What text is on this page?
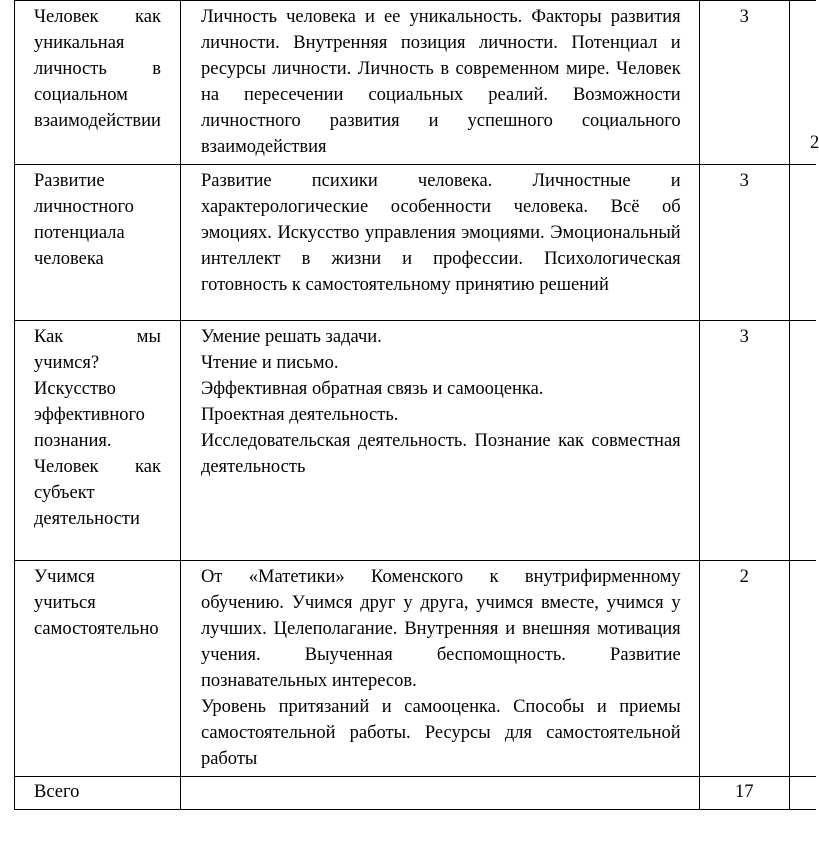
Человек как уникальная личность в социальном взаимодействии	Личность человека и ее уникальность. Факторы развития личности. Внутренняя позиция личности. Потенциал и ресурсы личности. Личность в современном мире. Человек на пересечении социальных реалий. Возможности личностного развития и успешного социального взаимодействия	3	
Развитие личностного потенциала человека	Развитие психики человека. Личностные и характерологические особенности человека. Всё об эмоциях. Искусство управления эмоциями. Эмоциональный интеллект в жизни и профессии. Психологическая готовность к самостоятельному принятию решений	3	
Как мы учимся? Искусство эффективного познания. Человек как субъект деятельности	Умение решать задачи.
Чтение и письмо.
Эффективная обратная связь и самооценка.
Проектная деятельность.
Исследовательская деятельность. Познание как совместная деятельность	3	
Учимся учиться самостоятельно	От «Матетики» Коменского к внутрифирменному обучению. Учимся друг у друга, учимся вместе, учимся у лучших. Целеполагание. Внутренняя и внешняя мотивация учения. Выученная беспомощность. Развитие познавательных интересов.
Уровень притязаний и самооценка. Способы и приемы самостоятельной работы. Ресурсы для самостоятельной работы	2	
Всего		17	
2
